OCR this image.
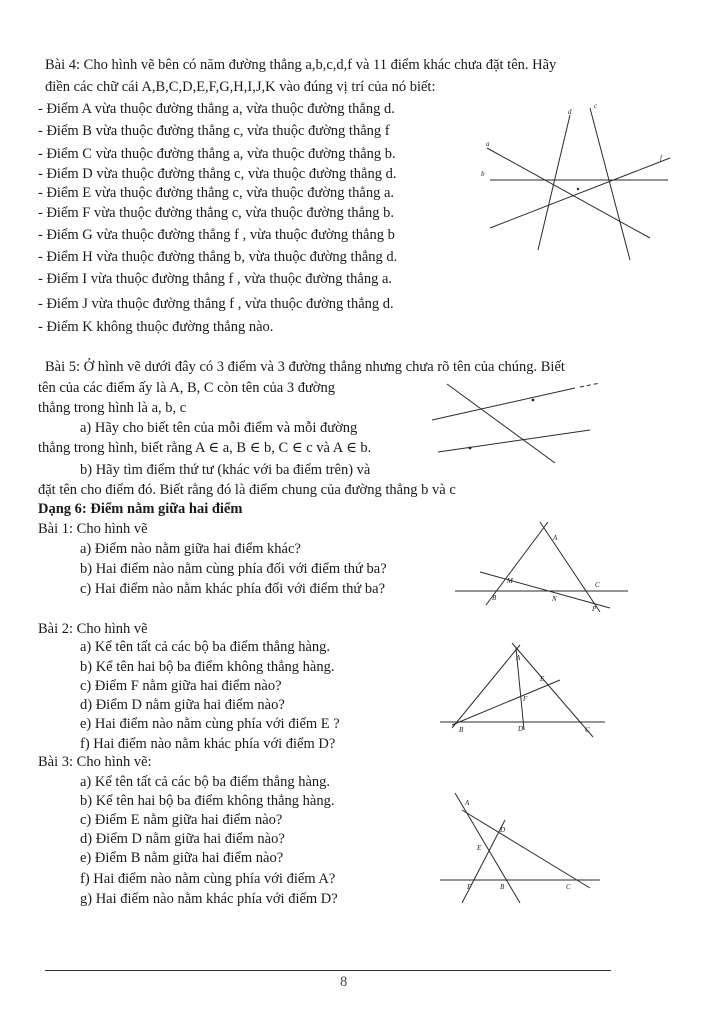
Bài 4: Cho hình vẽ bên có năm đường thẳng a,b,c,d,f và 11 điểm khác chưa đặt tên. Hãy
điền các chữ cái A,B,C,D,E,F,G,H,I,J,K vào đúng vị trí của nó biết:
- Điểm A vừa thuộc đường thẳng a, vừa thuộc đường thẳng d.
- Điểm B vừa thuộc đường thẳng c, vừa thuộc đường thẳng f
- Điểm C vừa thuộc đường thẳng a, vừa thuộc đường thẳng b.
- Điểm D vừa thuộc đường thẳng c, vừa thuộc đường thẳng d.
- Điểm E vừa thuộc đường thẳng c, vừa thuộc đường thẳng a.
- Điểm F vừa thuộc đường thẳng c, vừa thuộc đường thẳng b.
- Điểm G vừa thuộc đường thẳng f , vừa thuộc đường thẳng b
- Điểm H vừa thuộc đường thẳng b, vừa thuộc đường thẳng d.
- Điểm I vừa thuộc đường thẳng f , vừa thuộc đường thẳng a.
- Điểm J vừa thuộc đường thẳng f , vừa thuộc đường thẳng d.
- Điểm K không thuộc đường thẳng nào.
d
c
a
f
b
Bài 5: Ở hình vẽ dưới đây có 3 điểm và 3 đường thẳng nhưng chưa rõ tên của chúng. Biết
tên của các điểm ấy là A, B, C còn tên của 3 đường
thẳng trong hình là a, b, c
a) Hãy cho biết tên của mỗi điểm và mỗi đường
thẳng trong hình, biết rằng A ∈ a, B ∈ b, C ∈ c và A ∈ b.
b) Hãy tìm điểm thứ tư (khác với ba điểm trên) và
đặt tên cho điểm đó. Biết rằng đó là điểm chung của đường thẳng b và c
Dạng 6: Điểm nằm giữa hai điểm
Bài 1: Cho hình vẽ
a) Điểm nào nằm giữa hai điểm khác?
b) Hai điểm nào nằm cùng phía đối với điểm thứ ba?
c) Hai điểm nào nằm khác phía đối với điểm thứ ba?
A
M	C
B	N
P
Bài 2: Cho hình vẽ
a) Kể tên tất cả các bộ ba điểm thẳng hàng.
b) Kể tên hai bộ ba điểm không thẳng hàng.
c) Điểm F nằm giữa hai điểm nào?
d) Điểm D nằm giữa hai điểm nào?
e) Hai điểm nào nằm cùng phía với điểm E ?
f) Hai điểm nào nằm khác phía với điểm D?
A
E
F
B	D	C
Bài 3: Cho hình vẽ:
a) Kể tên tất cả các bộ ba điểm thẳng hàng.
b) Kể tên hai bộ ba điểm không thẳng hàng.
c) Điểm E nằm giữa hai điểm nào?
d) Điểm D nằm giữa hai điểm nào?
e) Điểm B nằm giữa hai điểm nào?
f) Hai điểm nào nằm cùng phía với điểm A?
g) Hai điểm nào nằm khác phía với điểm D?
A
D
E
F	B	C
8
